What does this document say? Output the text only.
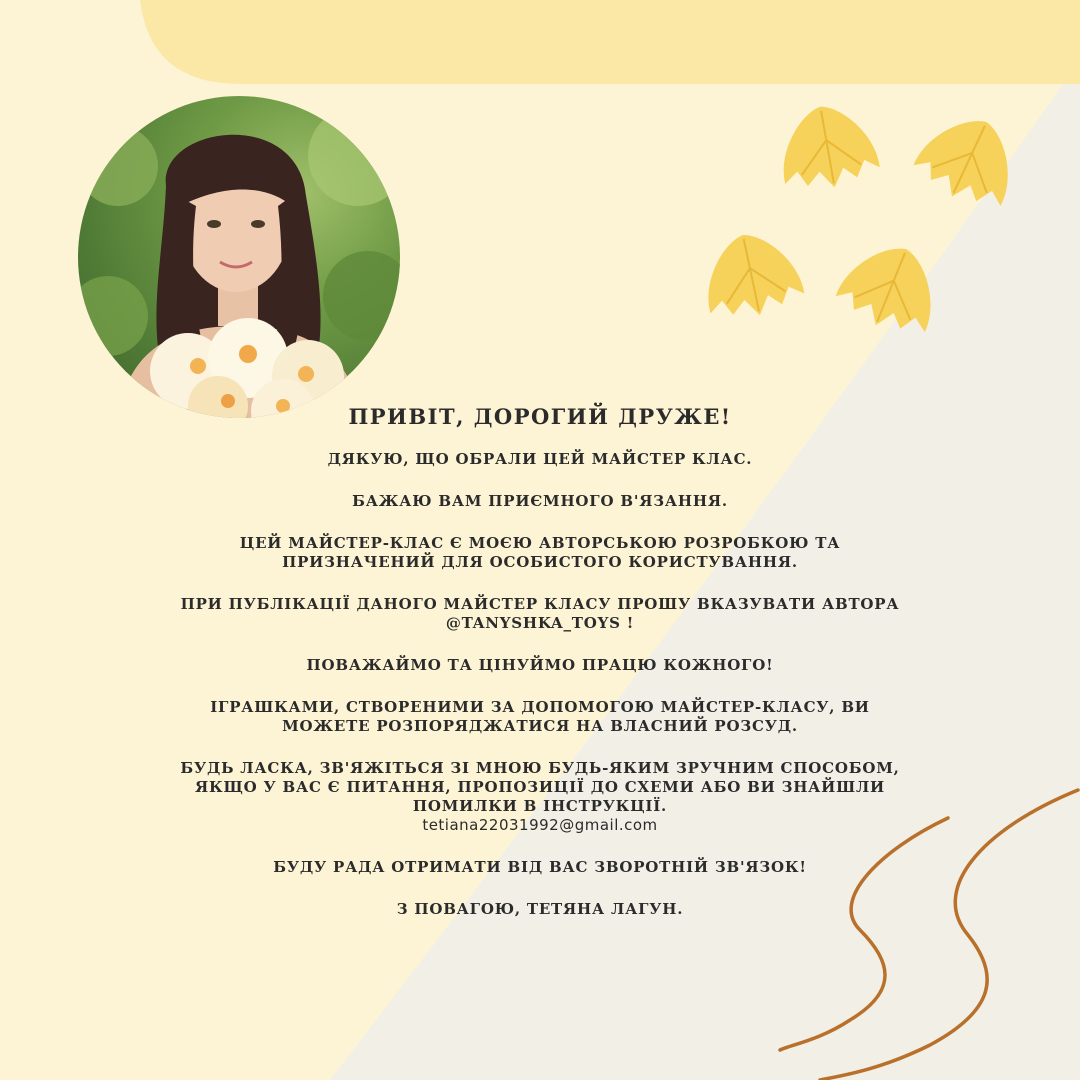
ПРИВІТ, ДОРОГИЙ ДРУЖЕ!
ДЯКУЮ, ЩО ОБРАЛИ ЦЕЙ МАЙСТЕР КЛАС.
БАЖАЮ ВАМ ПРИЄМНОГО В'ЯЗАННЯ.
ЦЕЙ МАЙСТЕР-КЛАС Є МОЄЮ АВТОРСЬКОЮ РОЗРОБКОЮ ТА
ПРИЗНАЧЕНИЙ ДЛЯ ОСОБИСТОГО КОРИСТУВАННЯ.
ПРИ ПУБЛІКАЦІЇ ДАНОГО МАЙСТЕР КЛАСУ ПРОШУ ВКАЗУВАТИ АВТОРА
@TANYSHKA_TOYS !
ПОВАЖАЙМО ТА ЦІНУЙМО ПРАЦЮ КОЖНОГО!
ІГРАШКАМИ, СТВОРЕНИМИ ЗА ДОПОМОГОЮ МАЙСТЕР-КЛАСУ, ВИ
МОЖЕТЕ РОЗПОРЯДЖАТИСЯ НА ВЛАСНИЙ РОЗСУД.
БУДЬ ЛАСКА, ЗВ'ЯЖІТЬСЯ ЗІ МНОЮ БУДЬ-ЯКИМ ЗРУЧНИМ СПОСОБОМ,
ЯКЩО У ВАС Є ПИТАННЯ, ПРОПОЗИЦІЇ ДО СХЕМИ АБО ВИ ЗНАЙШЛИ
ПОМИЛКИ В ІНСТРУКЦІЇ.
tetiana22031992@gmail.com
БУДУ РАДА ОТРИМАТИ ВІД ВАС ЗВОРОТНІЙ ЗВ'ЯЗОК!
З ПОВАГОЮ, ТЕТЯНА ЛАГУН.
